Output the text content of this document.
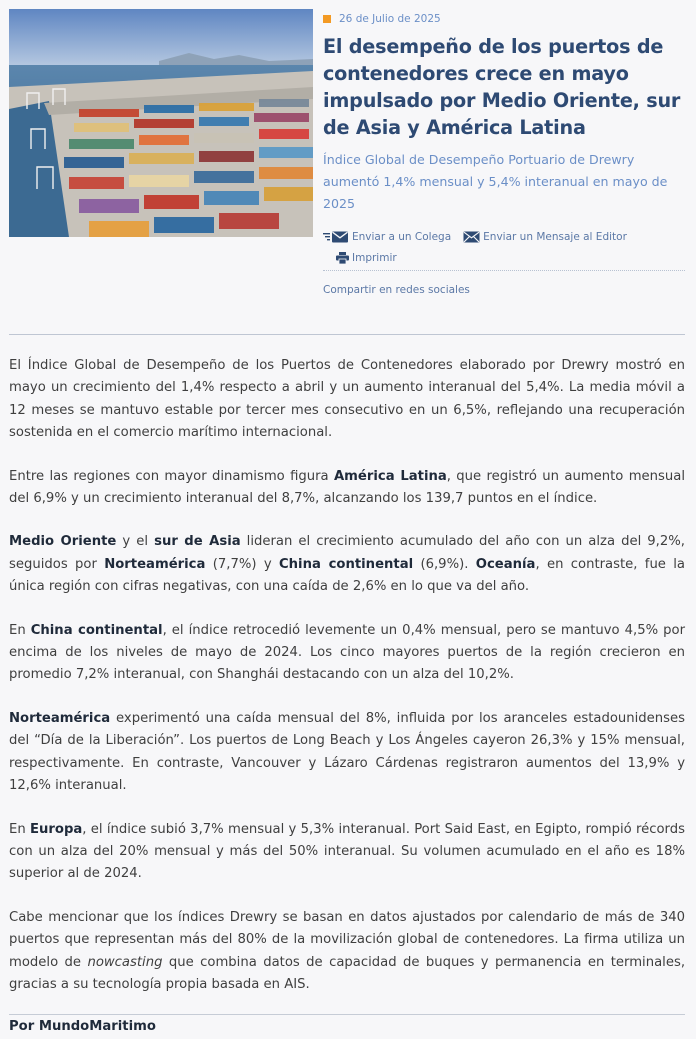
26 de Julio de 2025
El desempeño de los puertos de contenedores crece en mayo impulsado por Medio Oriente, sur de Asia y América Latina

Índice Global de Desempeño Portuario de Drewry aumentó 1,4% mensual y 5,4% interanual en mayo de 2025

Enviar a un Colega	Enviar un Mensaje al Editor
Imprimir
Compartir en redes sociales

El Índice Global de Desempeño de los Puertos de Contenedores elaborado por Drewry mostró en mayo un crecimiento del 1,4% respecto a abril y un aumento interanual del 5,4%. La media móvil a 12 meses se mantuvo estable por tercer mes consecutivo en un 6,5%, reflejando una recuperación sostenida en el comercio marítimo internacional.

Entre las regiones con mayor dinamismo figura América Latina, que registró un aumento mensual del 6,9% y un crecimiento interanual del 8,7%, alcanzando los 139,7 puntos en el índice.

Medio Oriente y el sur de Asia lideran el crecimiento acumulado del año con un alza del 9,2%, seguidos por Norteamérica (7,7%) y China continental (6,9%). Oceanía, en contraste, fue la única región con cifras negativas, con una caída de 2,6% en lo que va del año.

En China continental, el índice retrocedió levemente un 0,4% mensual, pero se mantuvo 4,5% por encima de los niveles de mayo de 2024. Los cinco mayores puertos de la región crecieron en promedio 7,2% interanual, con Shanghái destacando con un alza del 10,2%.

Norteamérica experimentó una caída mensual del 8%, influida por los aranceles estadounidenses del “Día de la Liberación”. Los puertos de Long Beach y Los Ángeles cayeron 26,3% y 15% mensual, respectivamente. En contraste, Vancouver y Lázaro Cárdenas registraron aumentos del 13,9% y 12,6% interanual.

En Europa, el índice subió 3,7% mensual y 5,3% interanual. Port Said East, en Egipto, rompió récords con un alza del 20% mensual y más del 50% interanual. Su volumen acumulado en el año es 18% superior al de 2024.

Cabe mencionar que los índices Drewry se basan en datos ajustados por calendario de más de 340 puertos que representan más del 80% de la movilización global de contenedores. La firma utiliza un modelo de nowcasting que combina datos de capacidad de buques y permanencia en terminales, gracias a su tecnología propia basada en AIS.

Por MundoMaritimo
